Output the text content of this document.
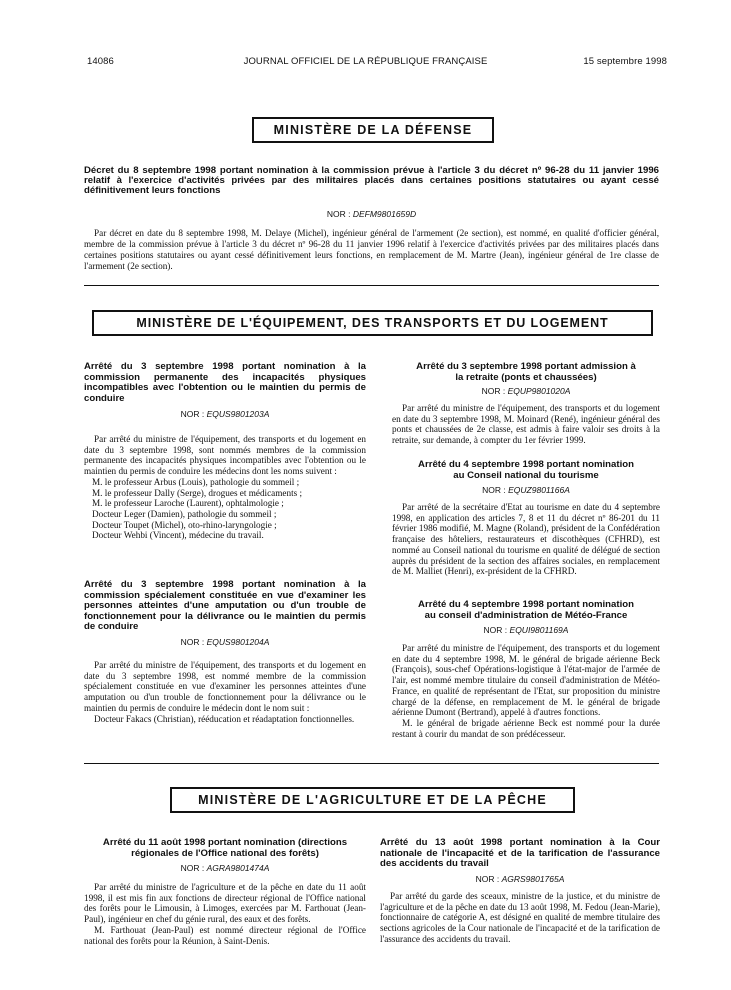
14086	JOURNAL OFFICIEL DE LA RÉPUBLIQUE FRANÇAISE	15 septembre 1998
MINISTÈRE DE LA DÉFENSE
Décret du 8 septembre 1998 portant nomination à la commission prévue à l'article 3 du décret nº 96-28 du 11 janvier 1996 relatif à l'exercice d'activités privées par des militaires placés dans certaines positions statutaires ou ayant cessé définitivement leurs fonctions
NOR : DEFM9801659D

Par décret en date du 8 septembre 1998, M. Delaye (Michel), ingénieur général de l'armement (2e section), est nommé, en qualité d'officier général, membre de la commission prévue à l'article 3 du décret nº 96-28 du 11 janvier 1996 relatif à l'exercice d'activités privées par des militaires placés dans certaines positions statutaires ou ayant cessé définitivement leurs fonctions, en remplacement de M. Martre (Jean), ingénieur général de 1re classe de l'armement (2e section).

MINISTÈRE DE L'ÉQUIPEMENT, DES TRANSPORTS ET DU LOGEMENT
Arrêté du 3 septembre 1998 portant nomination à la commission permanente des incapacités physiques incompatibles avec l'obtention ou le maintien du permis de conduire
NOR : EQUS9801203A

Par arrêté du ministre de l'équipement, des transports et du logement en date du 3 septembre 1998, sont nommés membres de la commission permanente des incapacités physiques incompatibles avec l'obtention ou le maintien du permis de conduire les médecins dont les noms suivent :

M. le professeur Arbus (Louis), pathologie du sommeil ;

M. le professeur Dally (Serge), drogues et médicaments ;

M. le professeur Laroche (Laurent), ophtalmologie ;

Docteur Leger (Damien), pathologie du sommeil ;

Docteur Toupet (Michel), oto-rhino-laryngologie ;

Docteur Wehbi (Vincent), médecine du travail.

Arrêté du 3 septembre 1998 portant nomination à la commission spécialement constituée en vue d'examiner les personnes atteintes d'une amputation ou d'un trouble de fonctionnement pour la délivrance ou le maintien du permis de conduire
NOR : EQUS9801204A

Par arrêté du ministre de l'équipement, des transports et du logement en date du 3 septembre 1998, est nommé membre de la commission spécialement constituée en vue d'examiner les personnes atteintes d'une amputation ou d'un trouble de fonctionnement pour la délivrance ou le maintien du permis de conduire le médecin dont le nom suit :

Docteur Fakacs (Christian), rééducation et réadaptation fonctionnelles.

Arrêté du 3 septembre 1998 portant admission à la retraite (ponts et chaussées)
NOR : EQUP9801020A

Par arrêté du ministre de l'équipement, des transports et du logement en date du 3 septembre 1998, M. Moinard (René), ingénieur général des ponts et chaussées de 2e classe, est admis à faire valoir ses droits à la retraite, sur demande, à compter du 1er février 1999.

Arrêté du 4 septembre 1998 portant nomination au Conseil national du tourisme
NOR : EQUZ9801166A

Par arrêté de la secrétaire d'Etat au tourisme en date du 4 septembre 1998, en application des articles 7, 8 et 11 du décret nº 86-201 du 11 février 1986 modifié, M. Magne (Roland), président de la Confédération française des hôteliers, restaurateurs et discothèques (CFHRD), est nommé au Conseil national du tourisme en qualité de délégué de section auprès du président de la section des affaires sociales, en remplacement de M. Malliet (Henri), ex-président de la CFHRD.

Arrêté du 4 septembre 1998 portant nomination au conseil d'administration de Météo-France
NOR : EQUI9801169A

Par arrêté du ministre de l'équipement, des transports et du logement en date du 4 septembre 1998, M. le général de brigade aérienne Beck (François), sous-chef Opérations-logistique à l'état-major de l'armée de l'air, est nommé membre titulaire du conseil d'administration de Météo-France, en qualité de représentant de l'Etat, sur proposition du ministre chargé de la défense, en remplacement de M. le général de brigade aérienne Dumont (Bertrand), appelé à d'autres fonctions.

M. le général de brigade aérienne Beck est nommé pour la durée restant à courir du mandat de son prédécesseur.

MINISTÈRE DE L'AGRICULTURE ET DE LA PÊCHE
Arrêté du 11 août 1998 portant nomination (directions régionales de l'Office national des forêts)
NOR : AGRA9801474A

Par arrêté du ministre de l'agriculture et de la pêche en date du 11 août 1998, il est mis fin aux fonctions de directeur régional de l'Office national des forêts pour le Limousin, à Limoges, exercées par M. Farthouat (Jean-Paul), ingénieur en chef du génie rural, des eaux et des forêts.

M. Farthouat (Jean-Paul) est nommé directeur régional de l'Office national des forêts pour la Réunion, à Saint-Denis.

Arrêté du 13 août 1998 portant nomination à la Cour nationale de l'incapacité et de la tarification de l'assurance des accidents du travail
NOR : AGRS9801765A

Par arrêté du garde des sceaux, ministre de la justice, et du ministre de l'agriculture et de la pêche en date du 13 août 1998, M. Fedou (Jean-Marie), fonctionnaire de catégorie A, est désigné en qualité de membre titulaire des sections agricoles de la Cour nationale de l'incapacité et de la tarification de l'assurance des accidents du travail.
